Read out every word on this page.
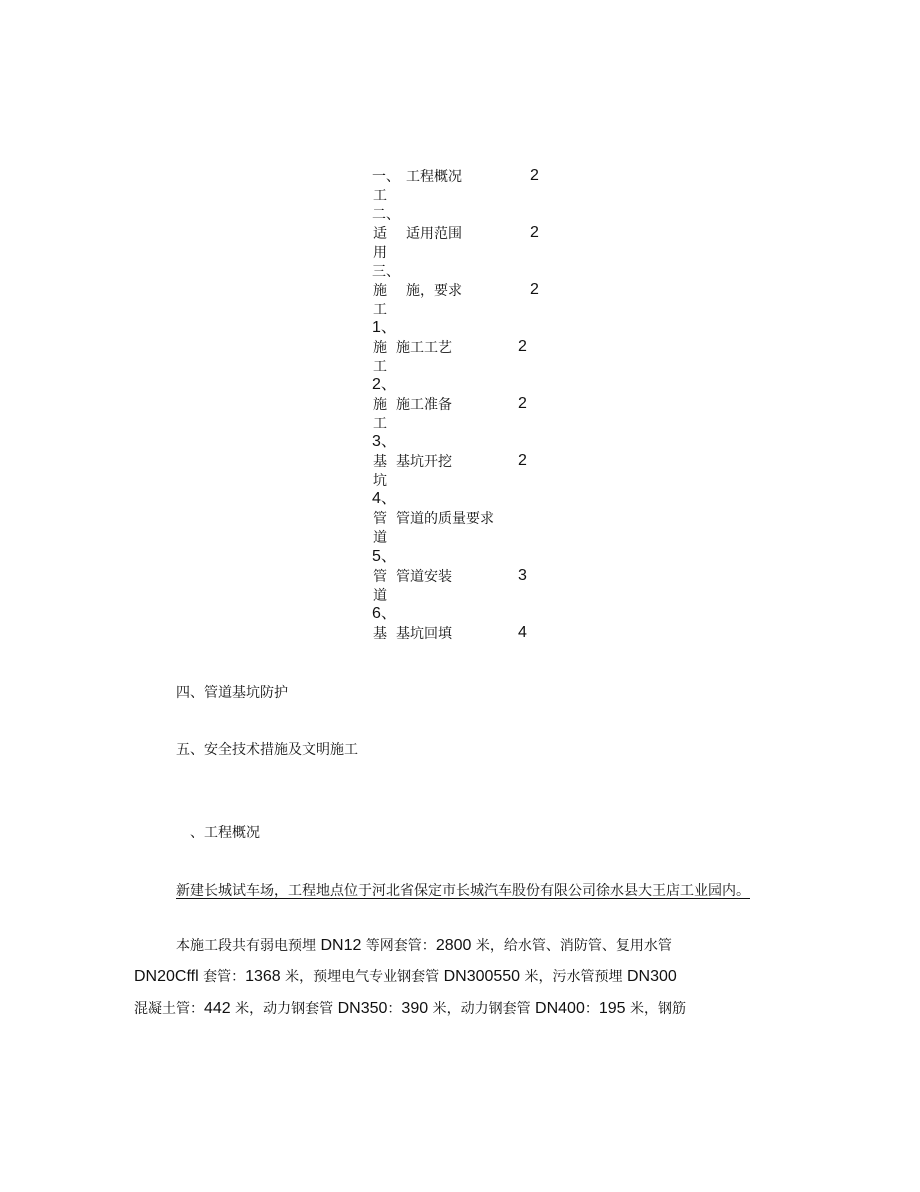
一、 工程概况	2
工
二、
适 适用范围	2
用
三、
施 施，要求	2
工
1、
施 施工工艺	2
工
2、
施 施工准备	2
工
3、
基 基坑开挖	2
坑
4、
管 管道的质量要求
道
5、
管 管道安装	3
道
6、
基 基坑回填	4
四、管道基坑防护
五、安全技术措施及文明施工
、工程概况
新建长城试车场，工程地点位于河北省保定市长城汽车股份有限公司徐水县大王店工业园内。
本施工段共有弱电预埋 DN12 等网套管：2800 米，给水管、消防管、复用水管
DN20Cffl 套管：1368 米，预埋电气专业钢套管 DN300550 米，污水管预埋 DN300
混凝土管：442 米，动力钢套管 DN350：390 米，动力钢套管 DN400：195 米，钢筋
